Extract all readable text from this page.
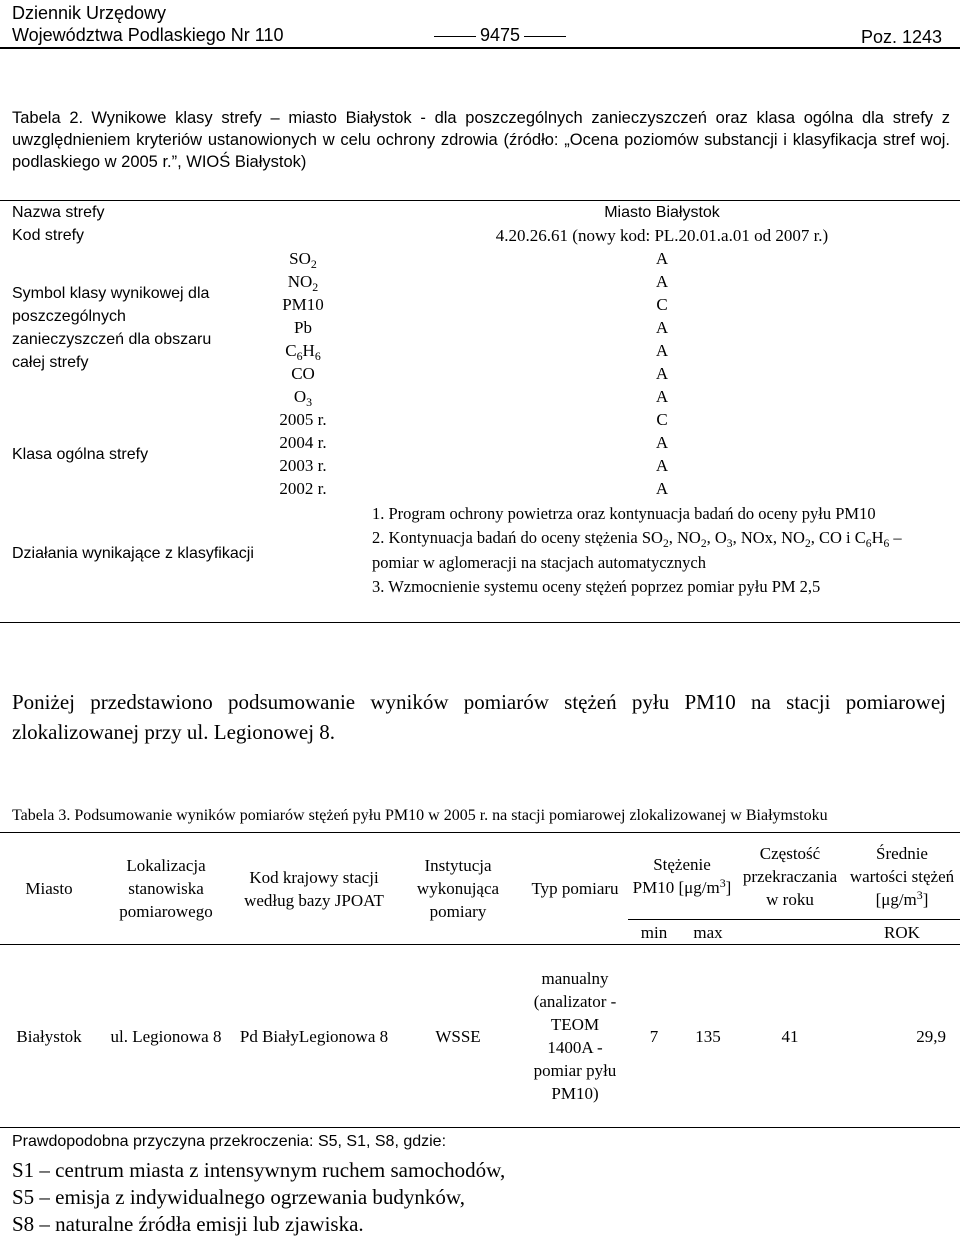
Dziennik Urzędowy
Województwa Podlaskiego Nr 110	9475	Poz. 1243
Tabela 2. Wynikowe klasy strefy – miasto Białystok - dla poszczególnych zanieczyszczeń oraz klasa ogólna dla strefy z uwzględnieniem kryteriów ustanowionych w celu ochrony zdrowia (źródło: „Ocena poziomów substancji i klasyfikacja stref woj. podlaskiego w 2005 r.”, WIOŚ Białystok)
Nazwa strefy		Miasto Białystok
Kod strefy		4.20.26.61 (nowy kod: PL.20.01.a.01 od 2007 r.)
Symbol klasy wynikowej dla poszczególnych zanieczyszczeń dla obszaru całej strefy	$SO_2$	A
	$NO_2$	A
	PM10	C
	Pb	A
	$C_6H_6$	A
	CO	A
	$O_3$	A
Klasa ogólna strefy	2005 r.	C
	2004 r.	A
	2003 r.	A
	2002 r.	A
Działania wynikające z klasyfikacji		1. Program ochrony powietrza oraz kontynuacja badań do oceny pyłu PM10
2. Kontynuacja badań do oceny stężenia $SO_2$, $NO_2$, $O_3$, NOx, $NO_2$, CO i $C_6H_6$ – pomiar w aglomeracji na stacjach automatycznych
3. Wzmocnienie systemu oceny stężeń poprzez pomiar pyłu PM 2,5
Poniżej przedstawiono podsumowanie wyników pomiarów stężeń pyłu PM10 na stacji pomiarowej zlokalizowanej przy ul. Legionowej 8.
Tabela 3. Podsumowanie wyników pomiarów stężeń pyłu PM10 w 2005 r. na stacji pomiarowej zlokalizowanej w Białymstoku
Miasto	Lokalizacja stanowiska pomiarowego	Kod krajowy stacji według bazy JPOAT	Instytucja wykonująca pomiary	Typ pomiaru	Stężenie PM10 $[\mu g/m^3]$		Częstość przekraczania w roku	Średnie wartości stężeń $[\mu g/m^3]$
					min	max		ROK
Białystok	ul. Legionowa 8	Pd BiałyLegionowa 8	WSSE	manualny (analizator - TEOM 1400A - pomiar pyłu PM10)	7	135	41	29,9
Prawdopodobna przyczyna przekroczenia: S5, S1, S8, gdzie:
S1 – centrum miasta z intensywnym ruchem samochodów,
S5 – emisja z indywidualnego ogrzewania budynków,
S8 – naturalne źródła emisji lub zjawiska.
